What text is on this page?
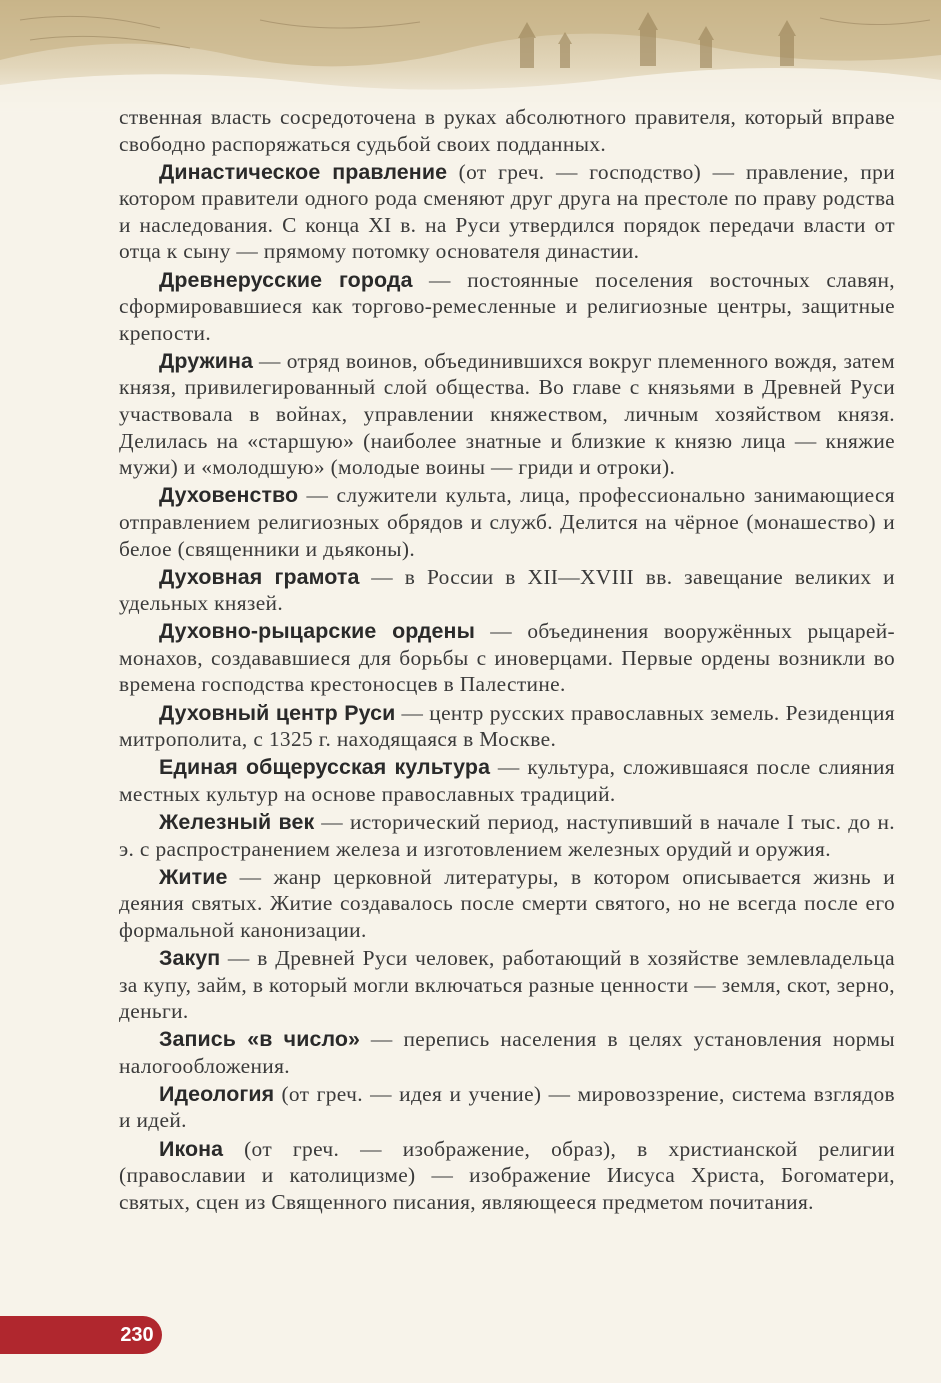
ственная власть сосредоточена в руках абсолютного правителя, который вправе свободно распоряжаться судьбой своих подданных.

Династическое правление (от греч. — господство) — правление, при котором правители одного рода сменяют друг друга на престоле по праву родства и наследования. С конца XI в. на Руси утвердился порядок передачи власти от отца к сыну — прямому потомку основателя династии.

Древнерусские города — постоянные поселения восточных славян, сформировавшиеся как торгово-ремесленные и религиозные центры, защитные крепости.

Дружина — отряд воинов, объединившихся вокруг племенного вождя, затем князя, привилегированный слой общества. Во главе с князьями в Древней Руси участвовала в войнах, управлении княжеством, личным хозяйством князя. Делилась на «старшую» (наиболее знатные и близкие к князю лица — княжие мужи) и «молодшую» (молодые воины — гриди и отроки).

Духовенство — служители культа, лица, профессионально занимающиеся отправлением религиозных обрядов и служб. Делится на чёрное (монашество) и белое (священники и дьяконы).

Духовная грамота — в России в XII—XVIII вв. завещание великих и удельных князей.

Духовно-рыцарские ордены — объединения вооружённых рыцарей-монахов, создававшиеся для борьбы с иноверцами. Первые ордены возникли во времена господства крестоносцев в Палестине.

Духовный центр Руси — центр русских православных земель. Резиденция митрополита, с 1325 г. находящаяся в Москве.

Единая общерусская культура — культура, сложившаяся после слияния местных культур на основе православных традиций.

Железный век — исторический период, наступивший в начале I тыс. до н. э. с распространением железа и изготовлением железных орудий и оружия.

Житие — жанр церковной литературы, в котором описывается жизнь и деяния святых. Житие создавалось после смерти святого, но не всегда после его формальной канонизации.

Закуп — в Древней Руси человек, работающий в хозяйстве землевладельца за купу, займ, в который могли включаться разные ценности — земля, скот, зерно, деньги.

Запись «в число» — перепись населения в целях установления нормы налогообложения.

Идеология (от греч. — идея и учение) — мировоззрение, система взглядов и идей.

Икона (от греч. — изображение, образ), в христианской религии (православии и католицизме) — изображение Иисуса Христа, Богоматери, святых, сцен из Священного писания, являющееся предметом почитания.

230
